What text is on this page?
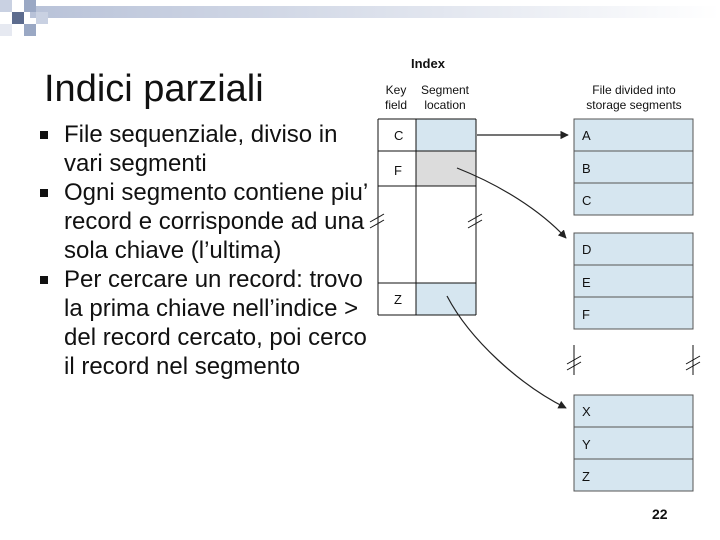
Indici parziali
File sequenziale, diviso in vari segmenti
Ogni segmento contiene piu’ record e corrisponde ad una sola chiave (l’ultima)
Per cercare un record: trovo la prima chiave nell’indice > del record cercato, poi cerco il record nel segmento
Index
Key
field
Segment
location
File divided into
storage segments
C
F
Z
A
B
C
D
E
F
X
Y
Z
22
